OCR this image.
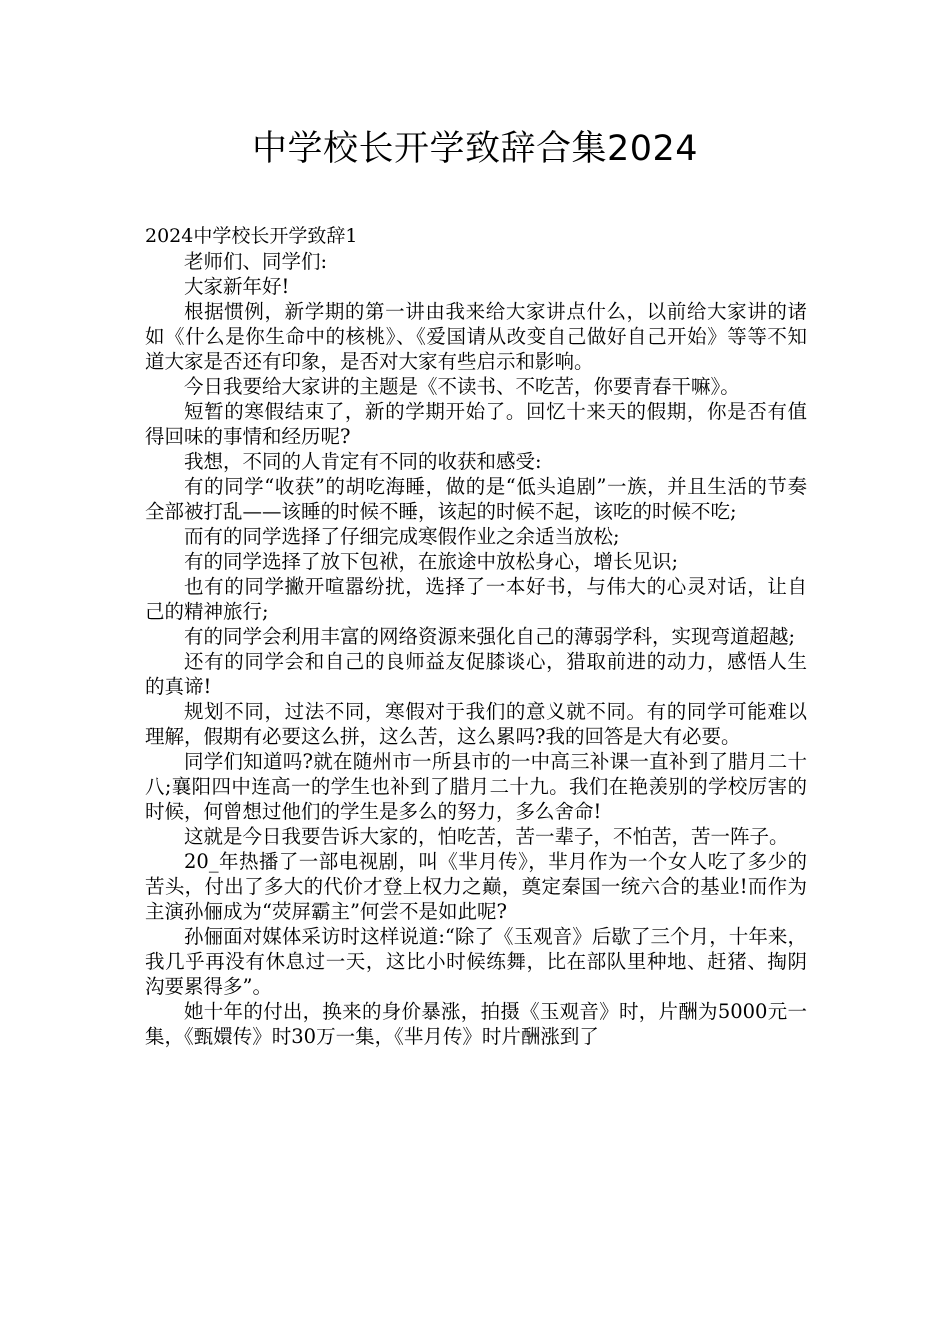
中学校长开学致辞合集2024

2024中学校长开学致辞1

老师们、同学们:

大家新年好!

根据惯例，新学期的第一讲由我来给大家讲点什么，以前给大家讲的诸如《什么是你生命中的核桃》、《爱国请从改变自己做好自己开始》等等不知道大家是否还有印象，是否对大家有些启示和影响。

今日我要给大家讲的主题是《不读书、不吃苦，你要青春干嘛》。

短暂的寒假结束了，新的学期开始了。回忆十来天的假期，你是否有值得回味的事情和经历呢?

我想，不同的人肯定有不同的收获和感受:

有的同学“收获”的胡吃海睡，做的是“低头追剧”一族，并且生活的节奏全部被打乱——该睡的时候不睡，该起的时候不起，该吃的时候不吃;

而有的同学选择了仔细完成寒假作业之余适当放松;

有的同学选择了放下包袱，在旅途中放松身心，增长见识;

也有的同学撇开喧嚣纷扰，选择了一本好书，与伟大的心灵对话，让自己的精神旅行;

有的同学会利用丰富的网络资源来强化自己的薄弱学科，实现弯道超越;

还有的同学会和自己的良师益友促膝谈心，猎取前进的动力，感悟人生的真谛!

规划不同，过法不同，寒假对于我们的意义就不同。有的同学可能难以理解，假期有必要这么拼，这么苦，这么累吗?我的回答是大有必要。

同学们知道吗?就在随州市一所县市的一中高三补课一直补到了腊月二十八;襄阳四中连高一的学生也补到了腊月二十九。我们在艳羡别的学校厉害的时候，何曾想过他们的学生是多么的努力，多么舍命!

这就是今日我要告诉大家的，怕吃苦，苦一辈子，不怕苦，苦一阵子。

20_年热播了一部电视剧，叫《芈月传》，芈月作为一个女人吃了多少的苦头，付出了多大的代价才登上权力之巅，奠定秦国一统六合的基业!而作为主演孙俪成为“荧屏霸主”何尝不是如此呢?

孙俪面对媒体采访时这样说道:“除了《玉观音》后歇了三个月，十年来，我几乎再没有休息过一天，这比小时候练舞，比在部队里种地、赶猪、掏阴沟要累得多”。

她十年的付出，换来的身价暴涨，拍摄《玉观音》时，片酬为5000元一集，《甄嬛传》时30万一集，《芈月传》时片酬涨到了
